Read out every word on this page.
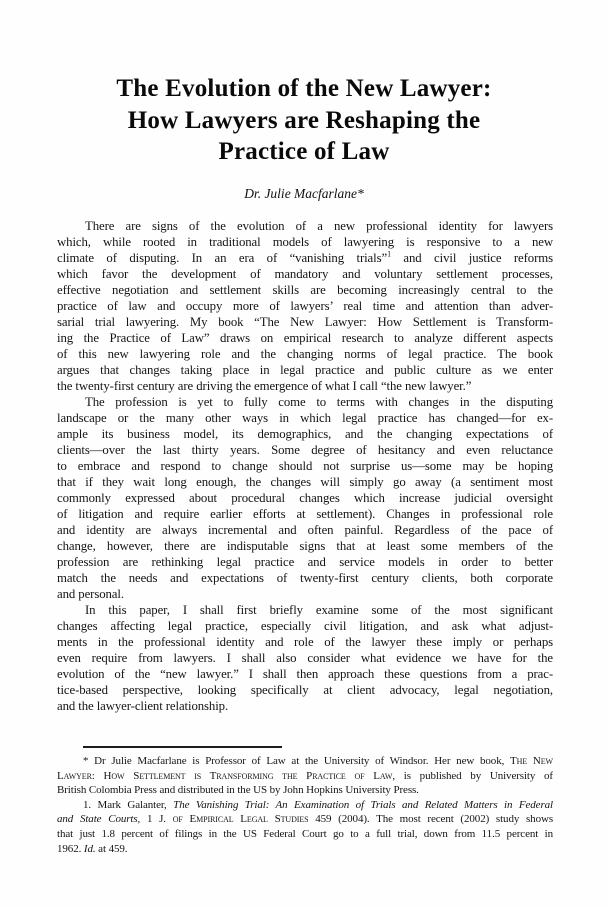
The Evolution of the New Lawyer:
How Lawyers are Reshaping the
Practice of Law
Dr. Julie Macfarlane*
There are signs of the evolution of a new professional identity for lawyers
which, while rooted in traditional models of lawyering is responsive to a new
climate of disputing. In an era of “vanishing trials”$^1$ and civil justice reforms
which favor the development of mandatory and voluntary settlement processes,
effective negotiation and settlement skills are becoming increasingly central to the
practice of law and occupy more of lawyers’ real time and attention than adver-
sarial trial lawyering. My book “The New Lawyer: How Settlement is Transform-
ing the Practice of Law” draws on empirical research to analyze different aspects
of this new lawyering role and the changing norms of legal practice. The book
argues that changes taking place in legal practice and public culture as we enter
the twenty-first century are driving the emergence of what I call “the new lawyer.”
The profession is yet to fully come to terms with changes in the disputing
landscape or the many other ways in which legal practice has changed—for ex-
ample its business model, its demographics, and the changing expectations of
clients—over the last thirty years. Some degree of hesitancy and even reluctance
to embrace and respond to change should not surprise us—some may be hoping
that if they wait long enough, the changes will simply go away (a sentiment most
commonly expressed about procedural changes which increase judicial oversight
of litigation and require earlier efforts at settlement). Changes in professional role
and identity are always incremental and often painful. Regardless of the pace of
change, however, there are indisputable signs that at least some members of the
profession are rethinking legal practice and service models in order to better
match the needs and expectations of twenty-first century clients, both corporate
and personal.
In this paper, I shall first briefly examine some of the most significant
changes affecting legal practice, especially civil litigation, and ask what adjust-
ments in the professional identity and role of the lawyer these imply or perhaps
even require from lawyers. I shall also consider what evidence we have for the
evolution of the “new lawyer.” I shall then approach these questions from a prac-
tice-based perspective, looking specifically at client advocacy, legal negotiation,
and the lawyer-client relationship.
* Dr Julie Macfarlane is Professor of Law at the University of Windsor. Her new book, The New
Lawyer: How Settlement is Transforming the Practice of Law, is published by University of
British Colombia Press and distributed in the US by John Hopkins University Press.
1. Mark Galanter, The Vanishing Trial: An Examination of Trials and Related Matters in Federal
and State Courts, 1 J. of Empirical Legal Studies 459 (2004). The most recent (2002) study shows
that just 1.8 percent of filings in the US Federal Court go to a full trial, down from 11.5 percent in
1962. Id. at 459.
